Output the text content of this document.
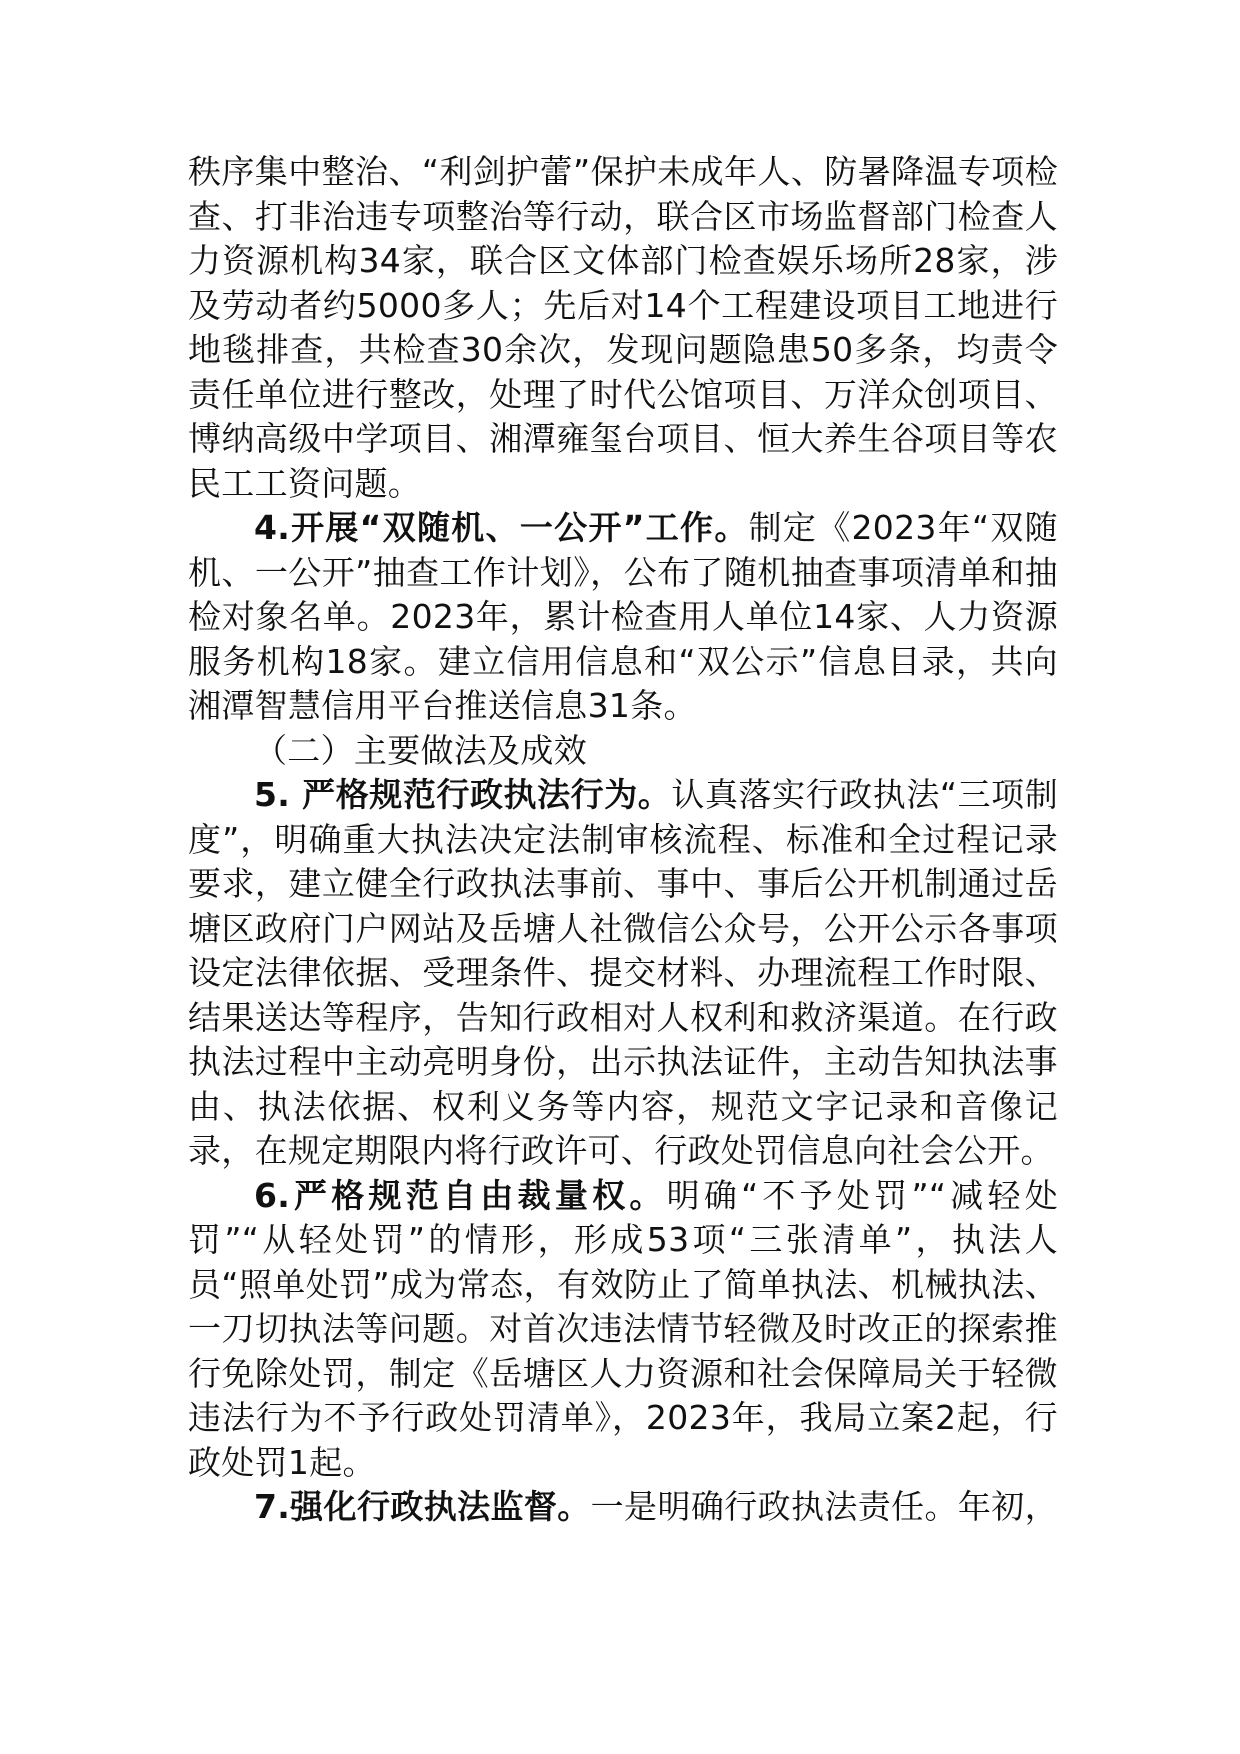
秩序集中整治、“利剑护蕾”保护未成年人、防暑降温专项检查、打非治违专项整治等行动，联合区市场监督部门检查人力资源机构34家，联合区文体部门检查娱乐场所28家，涉及劳动者约5000多人；先后对14个工程建设项目工地进行地毯排查，共检查30余次，发现问题隐患50多条，均责令责任单位进行整改，处理了时代公馆项目、万洋众创项目、博纳高级中学项目、湘潭雍玺台项目、恒大养生谷项目等农民工工资问题。

4.开展“双随机、一公开”工作。制定《2023年“双随机、一公开”抽查工作计划》，公布了随机抽查事项清单和抽检对象名单。2023年，累计检查用人单位14家、人力资源服务机构18家。建立信用信息和“双公示”信息目录，共向湘潭智慧信用平台推送信息31条。

（二）主要做法及成效

5. 严格规范行政执法行为。认真落实行政执法“三项制度”，明确重大执法决定法制审核流程、标准和全过程记录要求，建立健全行政执法事前、事中、事后公开机制通过岳塘区政府门户网站及岳塘人社微信公众号，公开公示各事项设定法律依据、受理条件、提交材料、办理流程工作时限、结果送达等程序，告知行政相对人权利和救济渠道。在行政执法过程中主动亮明身份，出示执法证件，主动告知执法事由、执法依据、权利义务等内容，规范文字记录和音像记录，在规定期限内将行政许可、行政处罚信息向社会公开。

6.严格规范自由裁量权。明确“不予处罚”“减轻处罚”“从轻处罚”的情形，形成53项“三张清单”，执法人员“照单处罚”成为常态，有效防止了简单执法、机械执法、一刀切执法等问题。对首次违法情节轻微及时改正的探索推行免除处罚，制定《岳塘区人力资源和社会保障局关于轻微违法行为不予行政处罚清单》，2023年，我局立案2起，行政处罚1起。

7.强化行政执法监督。一是明确行政执法责任。年初，
